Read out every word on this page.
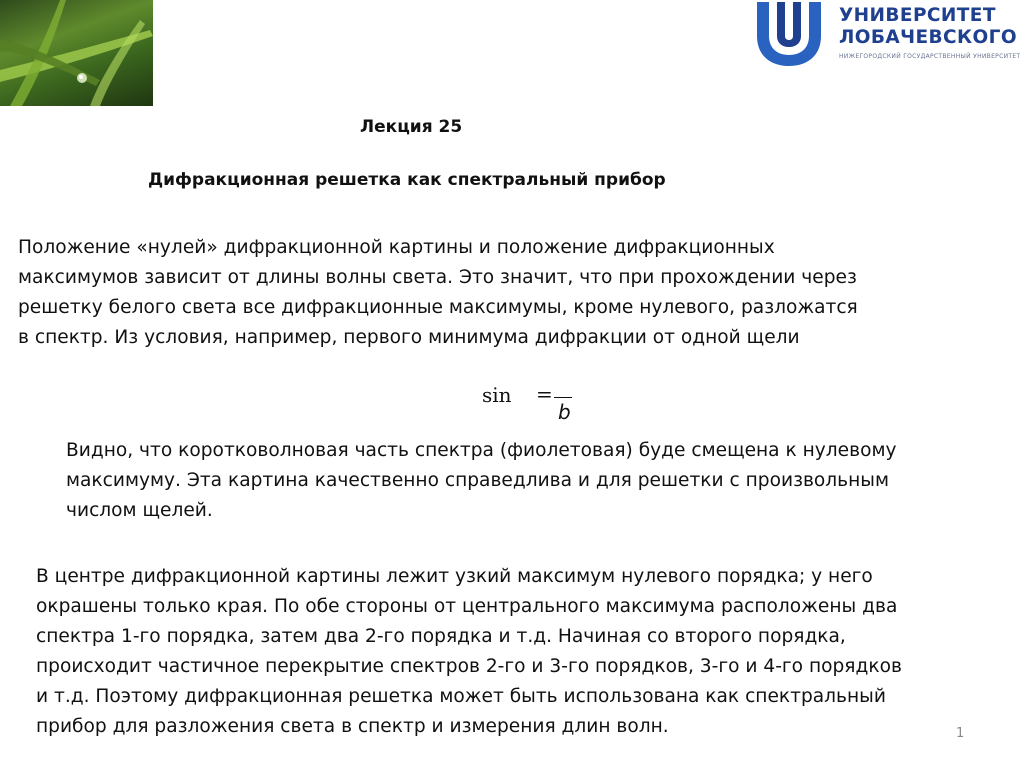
УНИВЕРСИТЕТ
ЛОБАЧЕВСКОГО
НИЖЕГОРОДСКИЙ ГОСУДАРСТВЕННЫЙ УНИВЕРСИТЕТ
Лекция 25
Дифракционная решетка как спектральный прибор

Положение «нулей» дифракционной картины и положение дифракционных
максимумов зависит от длины волны света. Это значит, что при прохождении через
решетку белого света все дифракционные максимумы, кроме нулевого, разложатся
в спектр. Из условия, например, первого минимума дифракции от одной щели

sin =
b

Видно, что коротковолновая часть спектра (фиолетовая) буде смещена к нулевому
максимуму. Эта картина качественно справедлива и для решетки с произвольным
числом щелей.

В центре дифракционной картины лежит узкий максимум нулевого порядка; у него
окрашены только края. По обе стороны от центрального максимума расположены два
спектра 1-го порядка, затем два 2-го порядка и т.д. Начиная со второго порядка,
происходит частичное перекрытие спектров 2-го и 3-го порядков, 3-го и 4-го порядков
и т.д. Поэтому дифракционная решетка может быть использована как спектральный
прибор для разложения света в спектр и измерения длин волн.	1
